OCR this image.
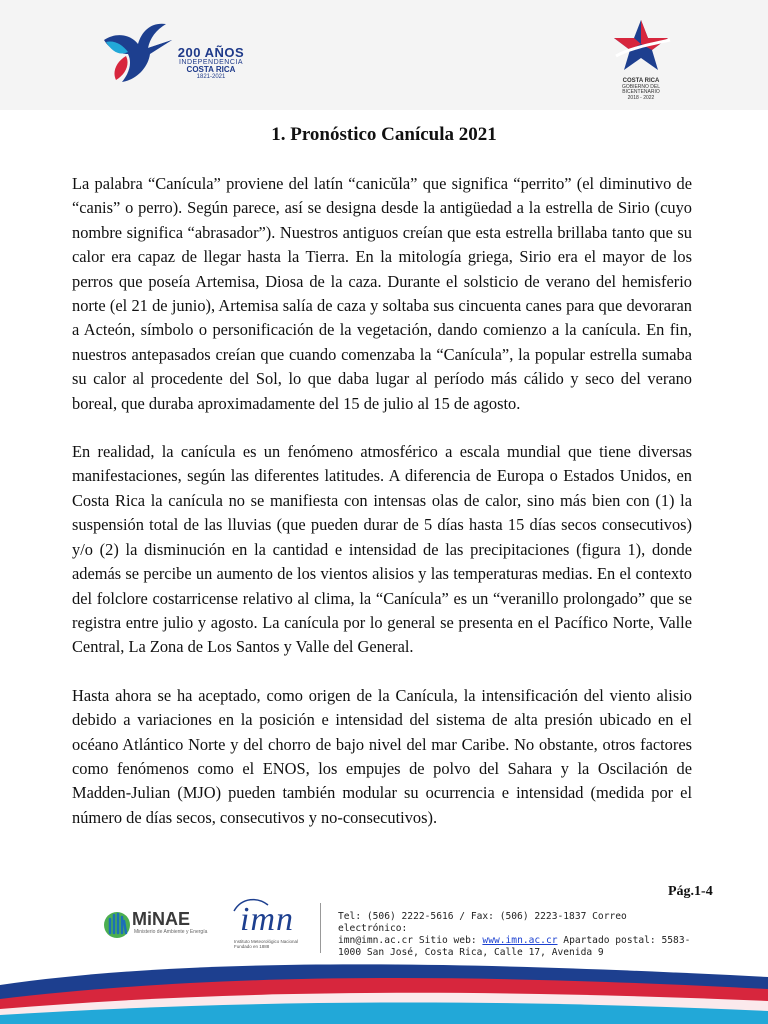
200 AÑOS
INDEPENDENCIA
COSTA RICA
1821-2021
COSTA RICA
GOBIERNO DEL BICENTENARIO
2018 - 2022
1. Pronóstico Canícula 2021

La palabra “Canícula” proviene del latín “canicŭla” que significa “perrito” (el diminutivo de “canis” o perro). Según parece, así se designa desde la antigüedad a la estrella de Sirio (cuyo nombre significa “abrasador”). Nuestros antiguos creían que esta estrella brillaba tanto que su calor era capaz de llegar hasta la Tierra. En la mitología griega, Sirio era el mayor de los perros que poseía Artemisa, Diosa de la caza. Durante el solsticio de verano del hemisferio norte (el 21 de junio), Artemisa salía de caza y soltaba sus cincuenta canes para que devoraran a Acteón, símbolo o personificación de la vegetación, dando comienzo a la canícula. En fin, nuestros antepasados creían que cuando comenzaba la “Canícula”, la popular estrella sumaba su calor al procedente del Sol, lo que daba lugar al período más cálido y seco del verano boreal, que duraba aproximadamente del 15 de julio al 15 de agosto.

En realidad, la canícula es un fenómeno atmosférico a escala mundial que tiene diversas manifestaciones, según las diferentes latitudes. A diferencia de Europa o Estados Unidos, en Costa Rica la canícula no se manifiesta con intensas olas de calor, sino más bien con (1) la suspensión total de las lluvias (que pueden durar de 5 días hasta 15 días secos consecutivos) y/o (2) la disminución en la cantidad e intensidad de las precipitaciones (figura 1), donde además se percibe un aumento de los vientos alisios y las temperaturas medias. En el contexto del folclore costarricense relativo al clima, la “Canícula” es un “veranillo prolongado” que se registra entre julio y agosto. La canícula por lo general se presenta en el Pacífico Norte, Valle Central, La Zona de Los Santos y Valle del General.

Hasta ahora se ha aceptado, como origen de la Canícula, la intensificación del viento alisio debido a variaciones en la posición e intensidad del sistema de alta presión ubicado en el océano Atlántico Norte y del chorro de bajo nivel del mar Caribe. No obstante, otros factores como fenómenos como el ENOS, los empujes de polvo del Sahara y la Oscilación de Madden-Julian (MJO) pueden también modular su ocurrencia e intensidad (medida por el número de días secos, consecutivos y no-consecutivos).

Pág.1-4
MiNAE
Ministerio de Ambiente y Energía imn
Instituto Meteorológico Nacional Fundado en 1888
Tel: (506) 2222-5616 / Fax: (506) 2223-1837 Correo electrónico:
imn@imn.ac.cr Sitio web: www.imn.ac.cr Apartado postal: 5583-
1000 San José, Costa Rica, Calle 17, Avenida 9
